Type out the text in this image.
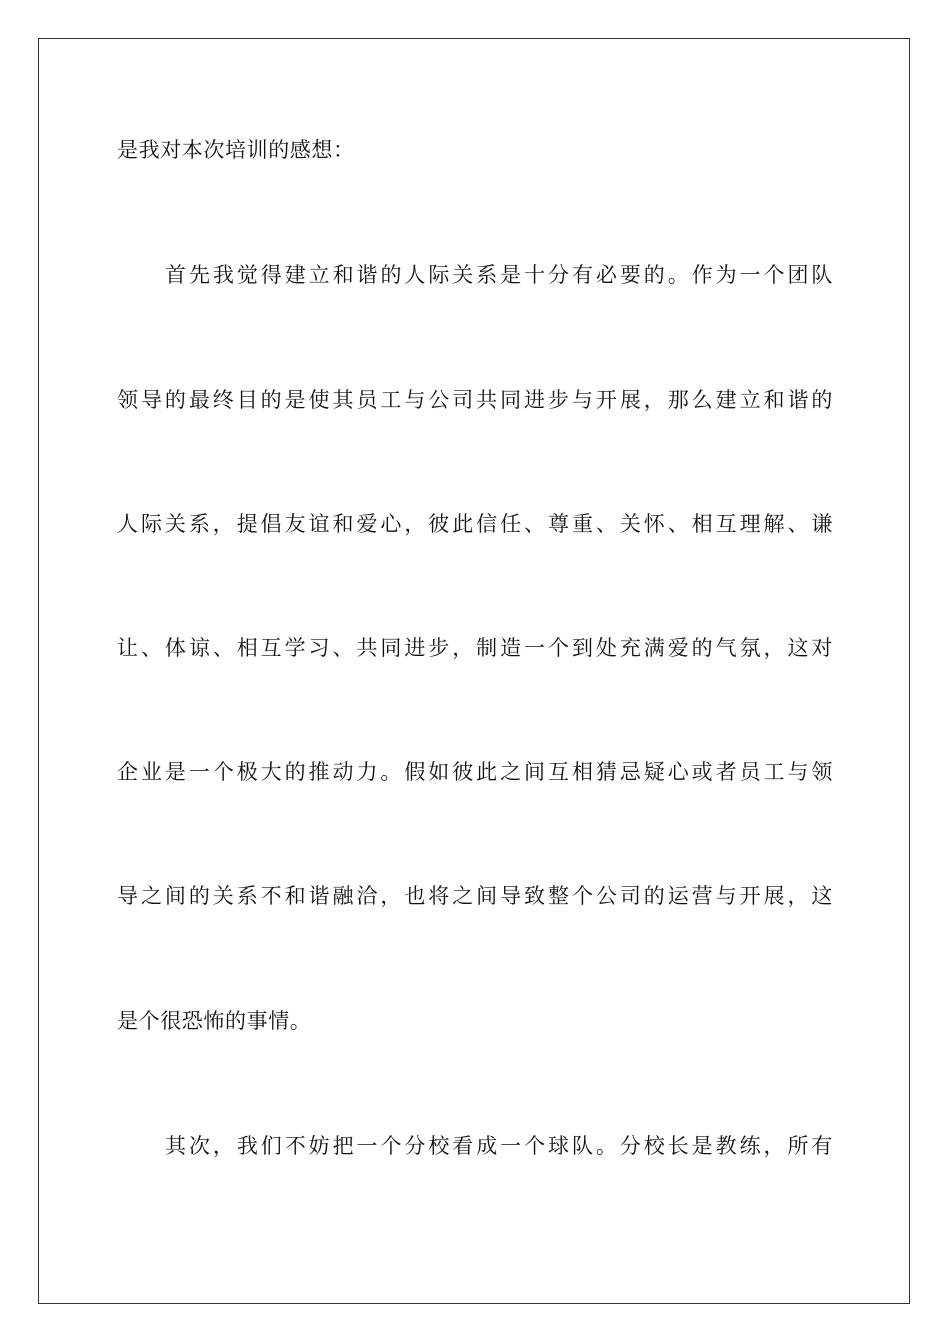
是我对本次培训的感想：

首先我觉得建立和谐的人际关系是十分有必要的。作为一个团队

领导的最终目的是使其员工与公司共同进步与开展，那么建立和谐的

人际关系，提倡友谊和爱心，彼此信任、尊重、关怀、相互理解、谦

让、体谅、相互学习、共同进步，制造一个到处充满爱的气氛，这对

企业是一个极大的推动力。假如彼此之间互相猜忌疑心或者员工与领

导之间的关系不和谐融洽，也将之间导致整个公司的运营与开展，这

是个很恐怖的事情。

其次，我们不妨把一个分校看成一个球队。分校长是教练，所有
